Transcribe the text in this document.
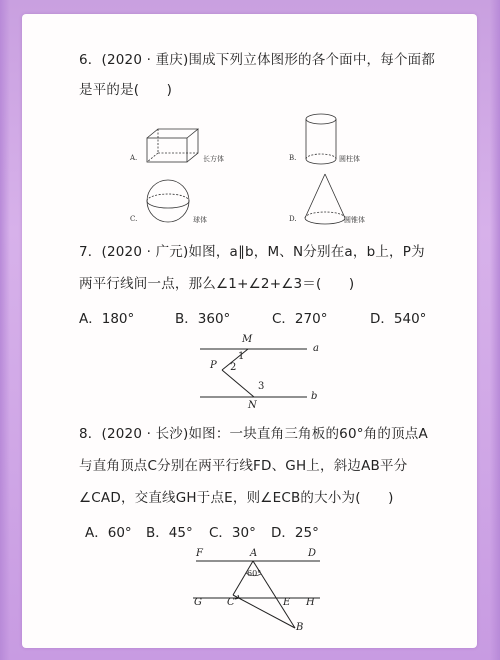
6．(2020 · 重庆)围成下列立体图形的各个面中，每个面都
是平的是(　　)
A.	长方体	B.	圆柱体
C.	球体	D.	圆锥体
7．(2020 · 广元)如图，a∥b，M、N分别在a，b上，P为
两平行线间一点，那么∠1+∠2+∠3＝(　　)
A．180°	B．360°	C．270°	D．540°
M
a
P
1
2
3
N
b
8．(2020 · 长沙)如图：一块直角三角板的60°角的顶点A
与直角顶点C分别在两平行线FD、GH上，斜边AB平分
∠CAD，交直线GH于点E，则∠ECB的大小为(　　)
A．60° B．45° C．30° D．25°
F	A	D
60°
G	C	E H
B
